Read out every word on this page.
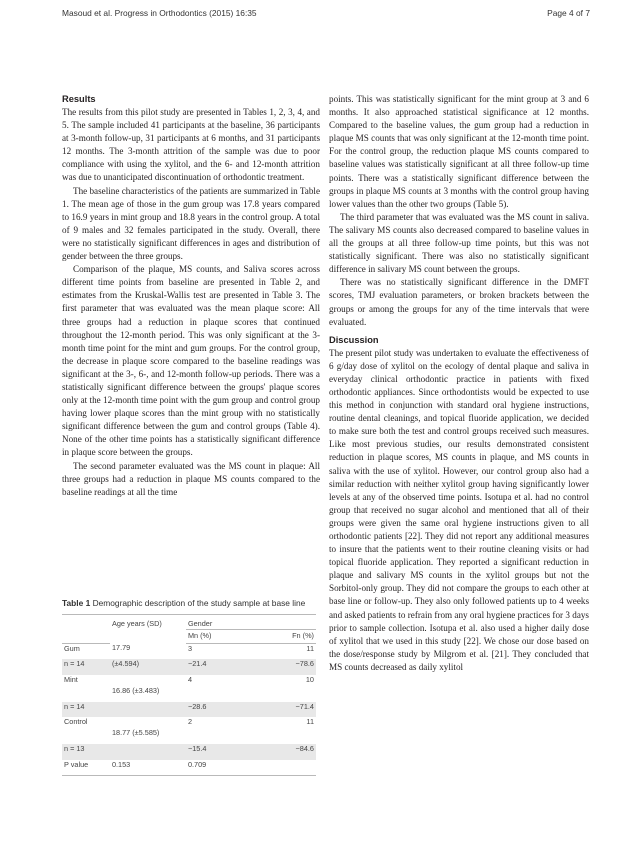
Masoud et al. Progress in Orthodontics (2015) 16:35	Page 4 of 7
Results

The results from this pilot study are presented in Tables 1, 2, 3, 4, and 5. The sample included 41 participants at the baseline, 36 participants at 3-month follow-up, 31 participants at 6 months, and 31 participants 12 months. The 3-month attrition of the sample was due to poor compliance with using the xylitol, and the 6- and 12-month attrition was due to unanticipated discontinuation of orthodontic treatment.

The baseline characteristics of the patients are summarized in Table 1. The mean age of those in the gum group was 17.8 years compared to 16.9 years in mint group and 18.8 years in the control group. A total of 9 males and 32 females participated in the study. Overall, there were no statistically significant differences in ages and distribution of gender between the three groups.

Comparison of the plaque, MS counts, and Saliva scores across different time points from baseline are presented in Table 2, and estimates from the Kruskal-Wallis test are presented in Table 3. The first parameter that was evaluated was the mean plaque score: All three groups had a reduction in plaque scores that continued throughout the 12-month period. This was only significant at the 3-month time point for the mint and gum groups. For the control group, the decrease in plaque score compared to the baseline readings was significant at the 3-, 6-, and 12-month follow-up periods. There was a statistically significant difference between the groups' plaque scores only at the 12-month time point with the gum group and control group having lower plaque scores than the mint group with no statistically significant difference between the gum and control groups (Table 4). None of the other time points has a statistically significant difference in plaque score between the groups.

The second parameter evaluated was the MS count in plaque: All three groups had a reduction in plaque MS counts compared to the baseline readings at all the time

Table 1 Demographic description of the study sample at base line

	Age years (SD)	Gender	
		Mn (%)	Fn (%)
Gum	17.79	3	11
n = 14	(±4.594)	−21.4	−78.6
Mint	16.86 (±3.483)	4	10
n = 14		−28.6	−71.4
Control	18.77 (±5.585)	2	11
n = 13		−15.4	−84.6
P value	0.153	0.709	

points. This was statistically significant for the mint group at 3 and 6 months. It also approached statistical significance at 12 months. Compared to the baseline values, the gum group had a reduction in plaque MS counts that was only significant at the 12-month time point. For the control group, the reduction plaque MS counts compared to baseline values was statistically significant at all three follow-up time points. There was a statistically significant difference between the groups in plaque MS counts at 3 months with the control group having lower values than the other two groups (Table 5).

The third parameter that was evaluated was the MS count in saliva. The salivary MS counts also decreased compared to baseline values in all the groups at all three follow-up time points, but this was not statistically significant. There was also no statistically significant difference in salivary MS count between the groups.

There was no statistically significant difference in the DMFT scores, TMJ evaluation parameters, or broken brackets between the groups or among the groups for any of the time intervals that were evaluated.

Discussion

The present pilot study was undertaken to evaluate the effectiveness of 6 g/day dose of xylitol on the ecology of dental plaque and saliva in everyday clinical orthodontic practice in patients with fixed orthodontic appliances. Since orthodontists would be expected to use this method in conjunction with standard oral hygiene instructions, routine dental cleanings, and topical fluoride application, we decided to make sure both the test and control groups received such measures. Like most previous studies, our results demonstrated consistent reduction in plaque scores, MS counts in plaque, and MS counts in saliva with the use of xylitol. However, our control group also had a similar reduction with neither xylitol group having significantly lower levels at any of the observed time points. Isotupa et al. had no control group that received no sugar alcohol and mentioned that all of their groups were given the same oral hygiene instructions given to all orthodontic patients [22]. They did not report any additional measures to insure that the patients went to their routine cleaning visits or had topical fluoride application. They reported a significant reduction in plaque and salivary MS counts in the xylitol groups but not the Sorbitol-only group. They did not compare the groups to each other at base line or follow-up. They also only followed patients up to 4 weeks and asked patients to refrain from any oral hygiene practices for 3 days prior to sample collection. Isotupa et al. also used a higher daily dose of xylitol that we used in this study [22]. We chose our dose based on the dose/response study by Milgrom et al. [21]. They concluded that MS counts decreased as daily xylitol
